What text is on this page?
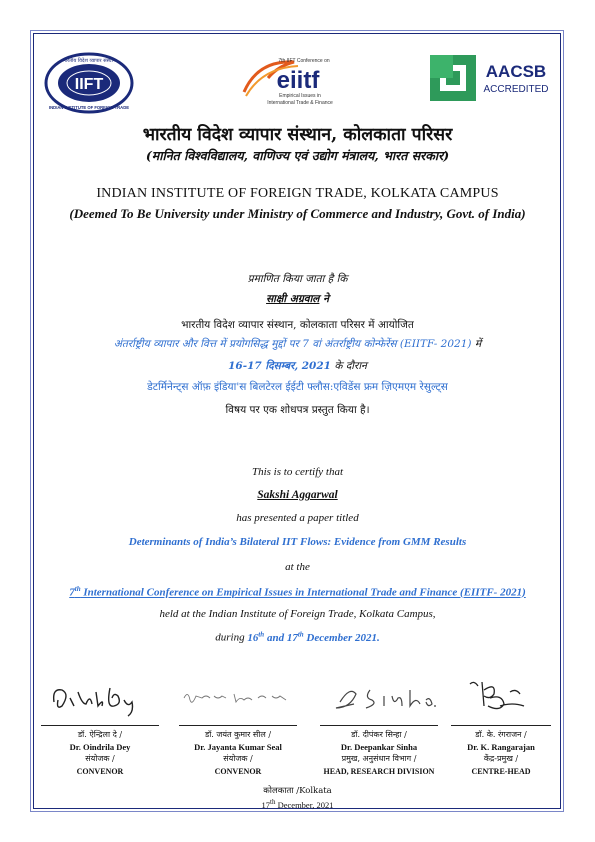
IIFT
भारतीय विदेश व्यापार संस्थान
INDIAN INSTITUTE OF FOREIGN TRADE
7th IIFT Conference on
eiitf
Empirical Issues in
International Trade & Finance
AACSB
ACCREDITED
भारतीय विदेश व्यापार संस्थान, कोलकाता परिसर
(मानित विश्वविद्यालय, वाणिज्य एवं उद्योग मंत्रालय, भारत सरकार)
INDIAN INSTITUTE OF FOREIGN TRADE, KOLKATA CAMPUS
(Deemed To Be University under Ministry of Commerce and Industry, Govt. of India)
प्रमाणित किया जाता है कि
साक्षी अग्रवाल ने
भारतीय विदेश व्यापार संस्थान, कोलकाता परिसर में आयोजित
अंतर्राष्ट्रीय व्यापार और वित्त में प्रयोगसिद्ध मुद्दों पर 7 वां अंतर्राष्ट्रीय कोन्फेरेंस (EIITF- 2021) में
16-17 दिसम्बर, 2021 के दौरान
डेटर्मिनेन्ट्स ऑफ़ इंडिया'स बिलटेरल ईईटी फ्लौस:एविडेंस फ्रम ज़िएमएम रेसुल्ट्स
विषय पर एक शोधपत्र प्रस्तुत किया है।
This is to certify that
Sakshi Aggarwal
has presented a paper titled
Determinants of India’s Bilateral IIT Flows: Evidence from GMM Results
at the
7th International Conference on Empirical Issues in International Trade and Finance (EIITF- 2021)
held at the Indian Institute of Foreign Trade, Kolkata Campus,
during 16th and 17th December 2021.
डॉ. ऐन्द्रिला दे /
Dr. Oindrila Dey
संयोजक /
CONVENOR
डॉ. जयंत कुमार सील /
Dr. Jayanta Kumar Seal
संयोजक /
CONVENOR
डॉ. दीपंकर सिन्हा /
Dr. Deepankar Sinha
प्रमुख, अनुसंधान विभाग /
HEAD, RESEARCH DIVISION
डॉ. के. रंगराजन /
Dr. K. Rangarajan
केंद्र-प्रमुख /
CENTRE-HEAD
कोलकाता /Kolkata
17th December, 2021
